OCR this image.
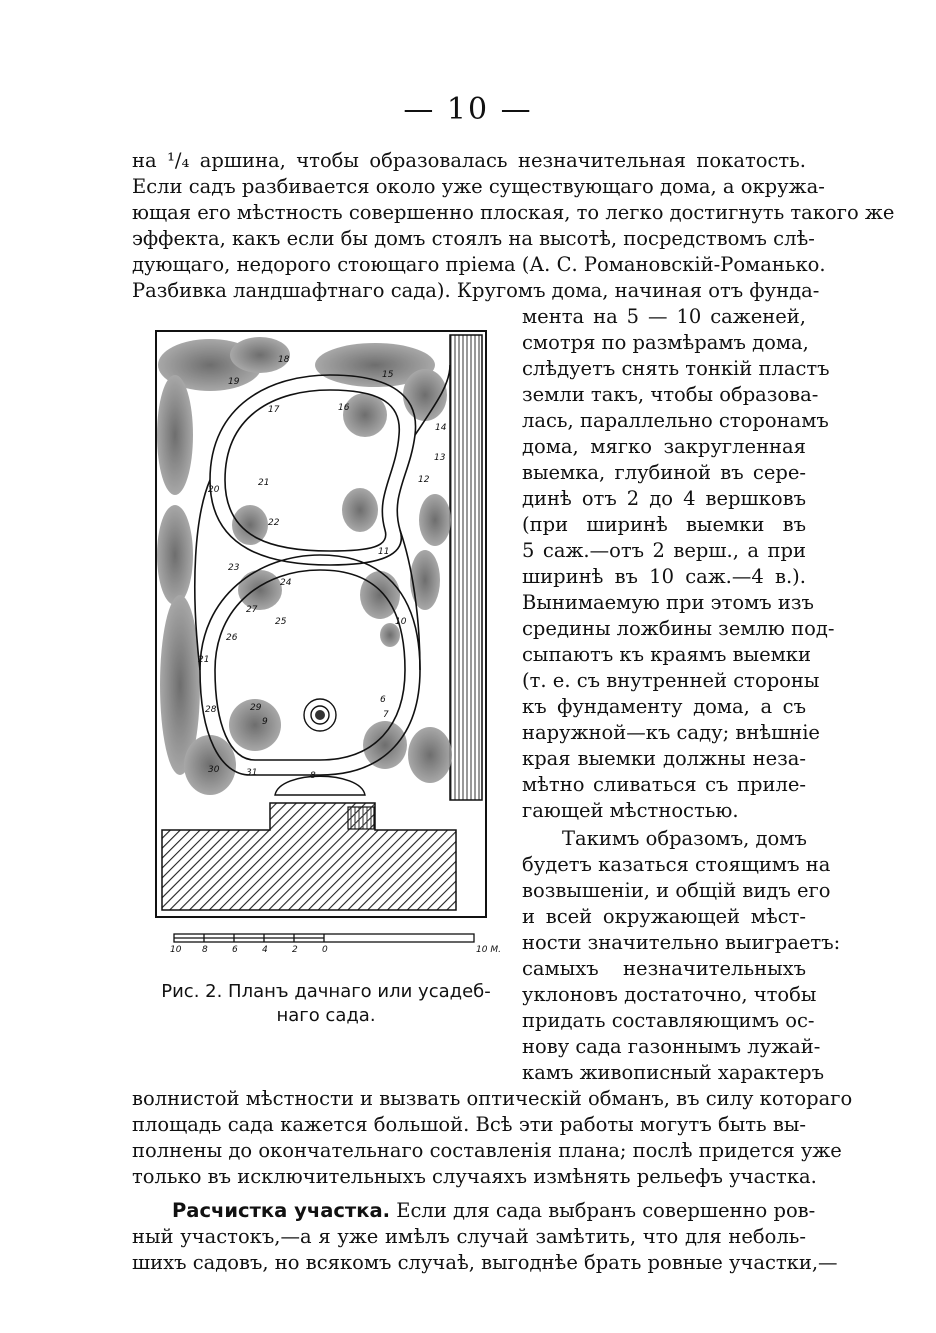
— 10 —
на ¹/₄ аршина, чтобы образовалась незначительная покатость.
Если садъ разбивается около уже существующаго дома, а окружа-
ющая его мѣстность совершенно плоская, то легко достигнуть такого же
эффекта, какъ если бы домъ стоялъ на высотѣ, посредствомъ слѣ-
дующаго, недорого стоющаго пріема (А. С. Романовскій-Романько.
Разбивка ландшафтнаго сада). Кругомъ дома, начиная отъ фунда-
мента на 5 — 10 саженей,
смотря по размѣрамъ дома,
слѣдуетъ снять тонкій пластъ
земли такъ, чтобы образова-
лась, параллельно сторонамъ
дома, мягко закругленная
выемка, глубиной въ сере-
динѣ отъ 2 до 4 вершковъ
(при ширинѣ выемки въ
5 саж.—отъ 2 верш., а при
ширинѣ въ 10 саж.—4 в.).
Вынимаемую при этомъ изъ
средины ложбины землю под-
сыпаютъ къ краямъ выемки
(т. е. съ внутренней стороны
къ фундаменту дома, а съ
наружной—къ саду; внѣшніе
края выемки должны неза-
мѣтно сливаться съ приле-
гающей мѣстностью.
Такимъ образомъ, домъ
будетъ казаться стоящимъ на
возвышеніи, и общій видъ его
и всей окружающей мѣст-
ности значительно выиграетъ:
самыхъ незначительныхъ
уклоновъ достаточно, чтобы
придать составляющимъ ос-
нову сада газоннымъ лужай-
камъ живописный характеръ
18
19
17	16
15
14
13
12
20
21
22
11
23
24
25
26
10
27
21
28	29
6
7
9
30	31	8
10 8	6	4	2	0	10 М.
Рис. 2. Планъ дачнаго или усадеб-
наго сада.
волнистой мѣстности и вызвать оптическій обманъ, въ силу котораго
площадь сада кажется большой. Всѣ эти работы могутъ быть вы-
полнены до окончательнаго составленія плана; послѣ придется уже
только въ исключительныхъ случаяхъ измѣнять рельефъ участка.
Расчистка участка. Если для сада выбранъ совершенно ров-
ный участокъ,—а я уже имѣлъ случай замѣтить, что для неболь-
шихъ садовъ, но всякомъ случаѣ, выгоднѣе брать ровные участки,—
